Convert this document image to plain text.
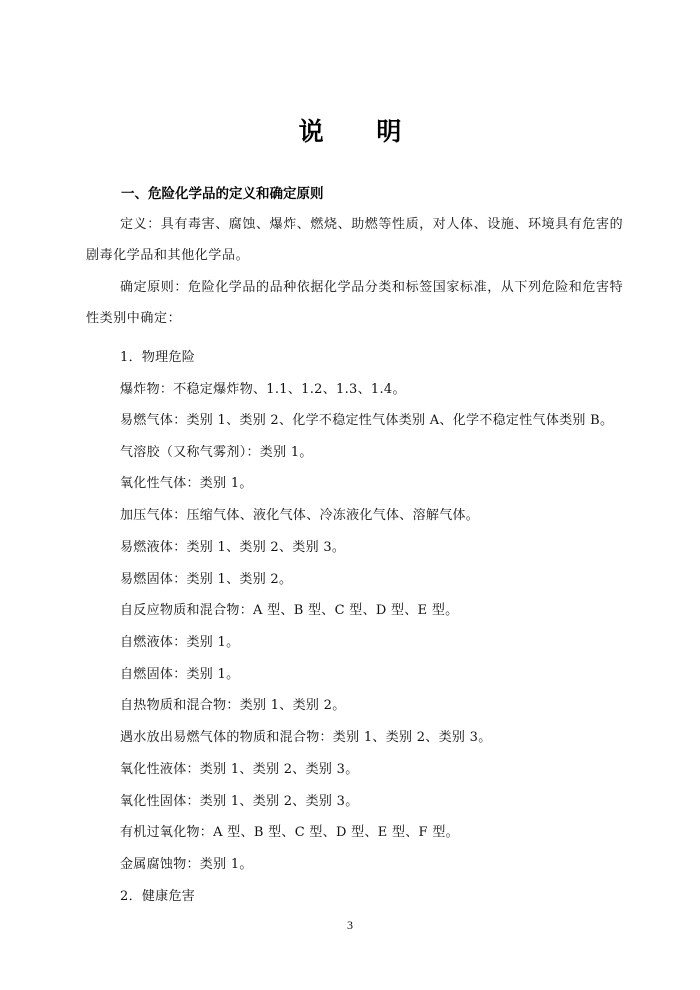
说 明
一、危险化学品的定义和确定原则

定义：具有毒害、腐蚀、爆炸、燃烧、助燃等性质，对人体、设施、环境具有危害的剧毒化学品和其他化学品。

确定原则：危险化学品的品种依据化学品分类和标签国家标准，从下列危险和危害特性类别中确定：

1．物理危险

爆炸物：不稳定爆炸物、1.1、1.2、1.3、1.4。

易燃气体：类别 1、类别 2、化学不稳定性气体类别 A、化学不稳定性气体类别 B。

气溶胶（又称气雾剂）：类别 1。

氧化性气体：类别 1。

加压气体：压缩气体、液化气体、冷冻液化气体、溶解气体。

易燃液体：类别 1、类别 2、类别 3。

易燃固体：类别 1、类别 2。

自反应物质和混合物：A 型、B 型、C 型、D 型、E 型。

自燃液体：类别 1。

自燃固体：类别 1。

自热物质和混合物：类别 1、类别 2。

遇水放出易燃气体的物质和混合物：类别 1、类别 2、类别 3。

氧化性液体：类别 1、类别 2、类别 3。

氧化性固体：类别 1、类别 2、类别 3。

有机过氧化物：A 型、B 型、C 型、D 型、E 型、F 型。

金属腐蚀物：类别 1。

2．健康危害

3
